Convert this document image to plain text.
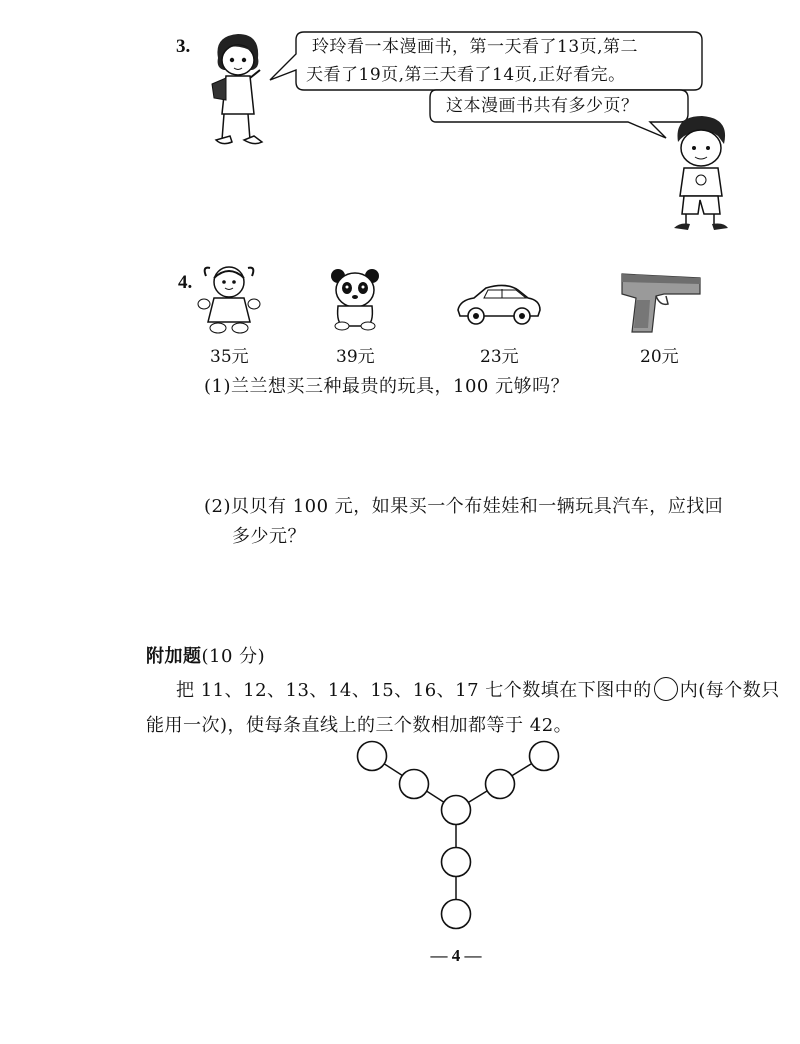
3.	玲玲看一本漫画书，第一天看了13页,第二
天看了19页,第三天看了14页,正好看完。
这本漫画书共有多少页？
4.
35元	39元	23元	20元
(1)兰兰想买三种最贵的玩具，100 元够吗？
(2)贝贝有 100 元，如果买一个布娃娃和一辆玩具汽车，应找回
多少元？
附加题(10 分)
把 11、12、13、14、15、16、17 七个数填在下图中的 内(每个数只
能用一次)，使每条直线上的三个数相加都等于 42。
— 4 —
